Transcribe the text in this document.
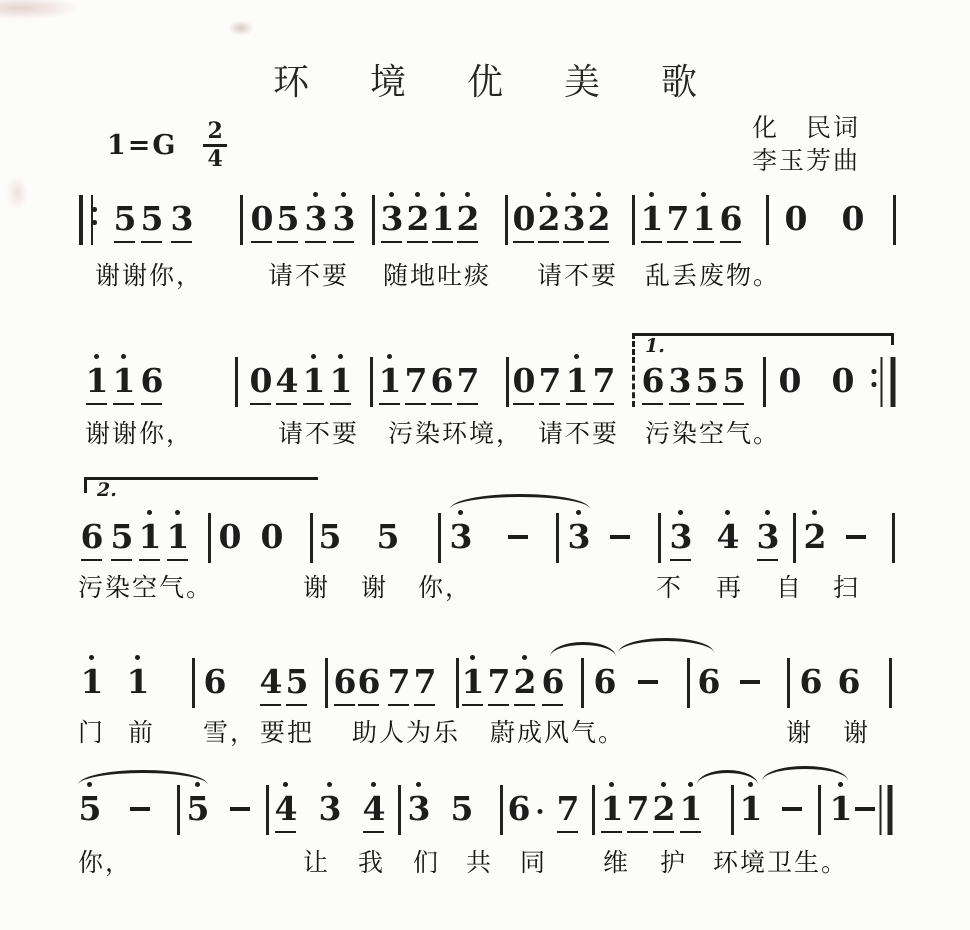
环 境 优 美 歌
$1=G \frac{2}{4}$	化　民词
李玉芳曲
5 5 3 0 5 3 3 3 2 1 2 0 2 3 2 1 7 1 6 0 0
谢谢你，	请不要 随地吐痰 请不要 乱丢废物。
1 1 6	0 4 1 1 1 7 6 7 0 7 1 7 6 3 5 5 0 0
1.
谢谢你，	请不要 污染环境， 请不要 污染空气。
6 5 1 1 0 0 5 5 3	3 3 4 3 2
2.
污染空气。	谢 谢 你，	不 再 自 扫
1 1 6 4 5 6 6 7 7 1 7 2 6 6 6 6 6
门 前 雪， 要把 助人为乐 蔚成风气。	谢 谢
5	5 4 3 4 3 5 6 7 1 7 2 1 1 1
你，	让 我 们 共 同 维 护 环境卫生。
